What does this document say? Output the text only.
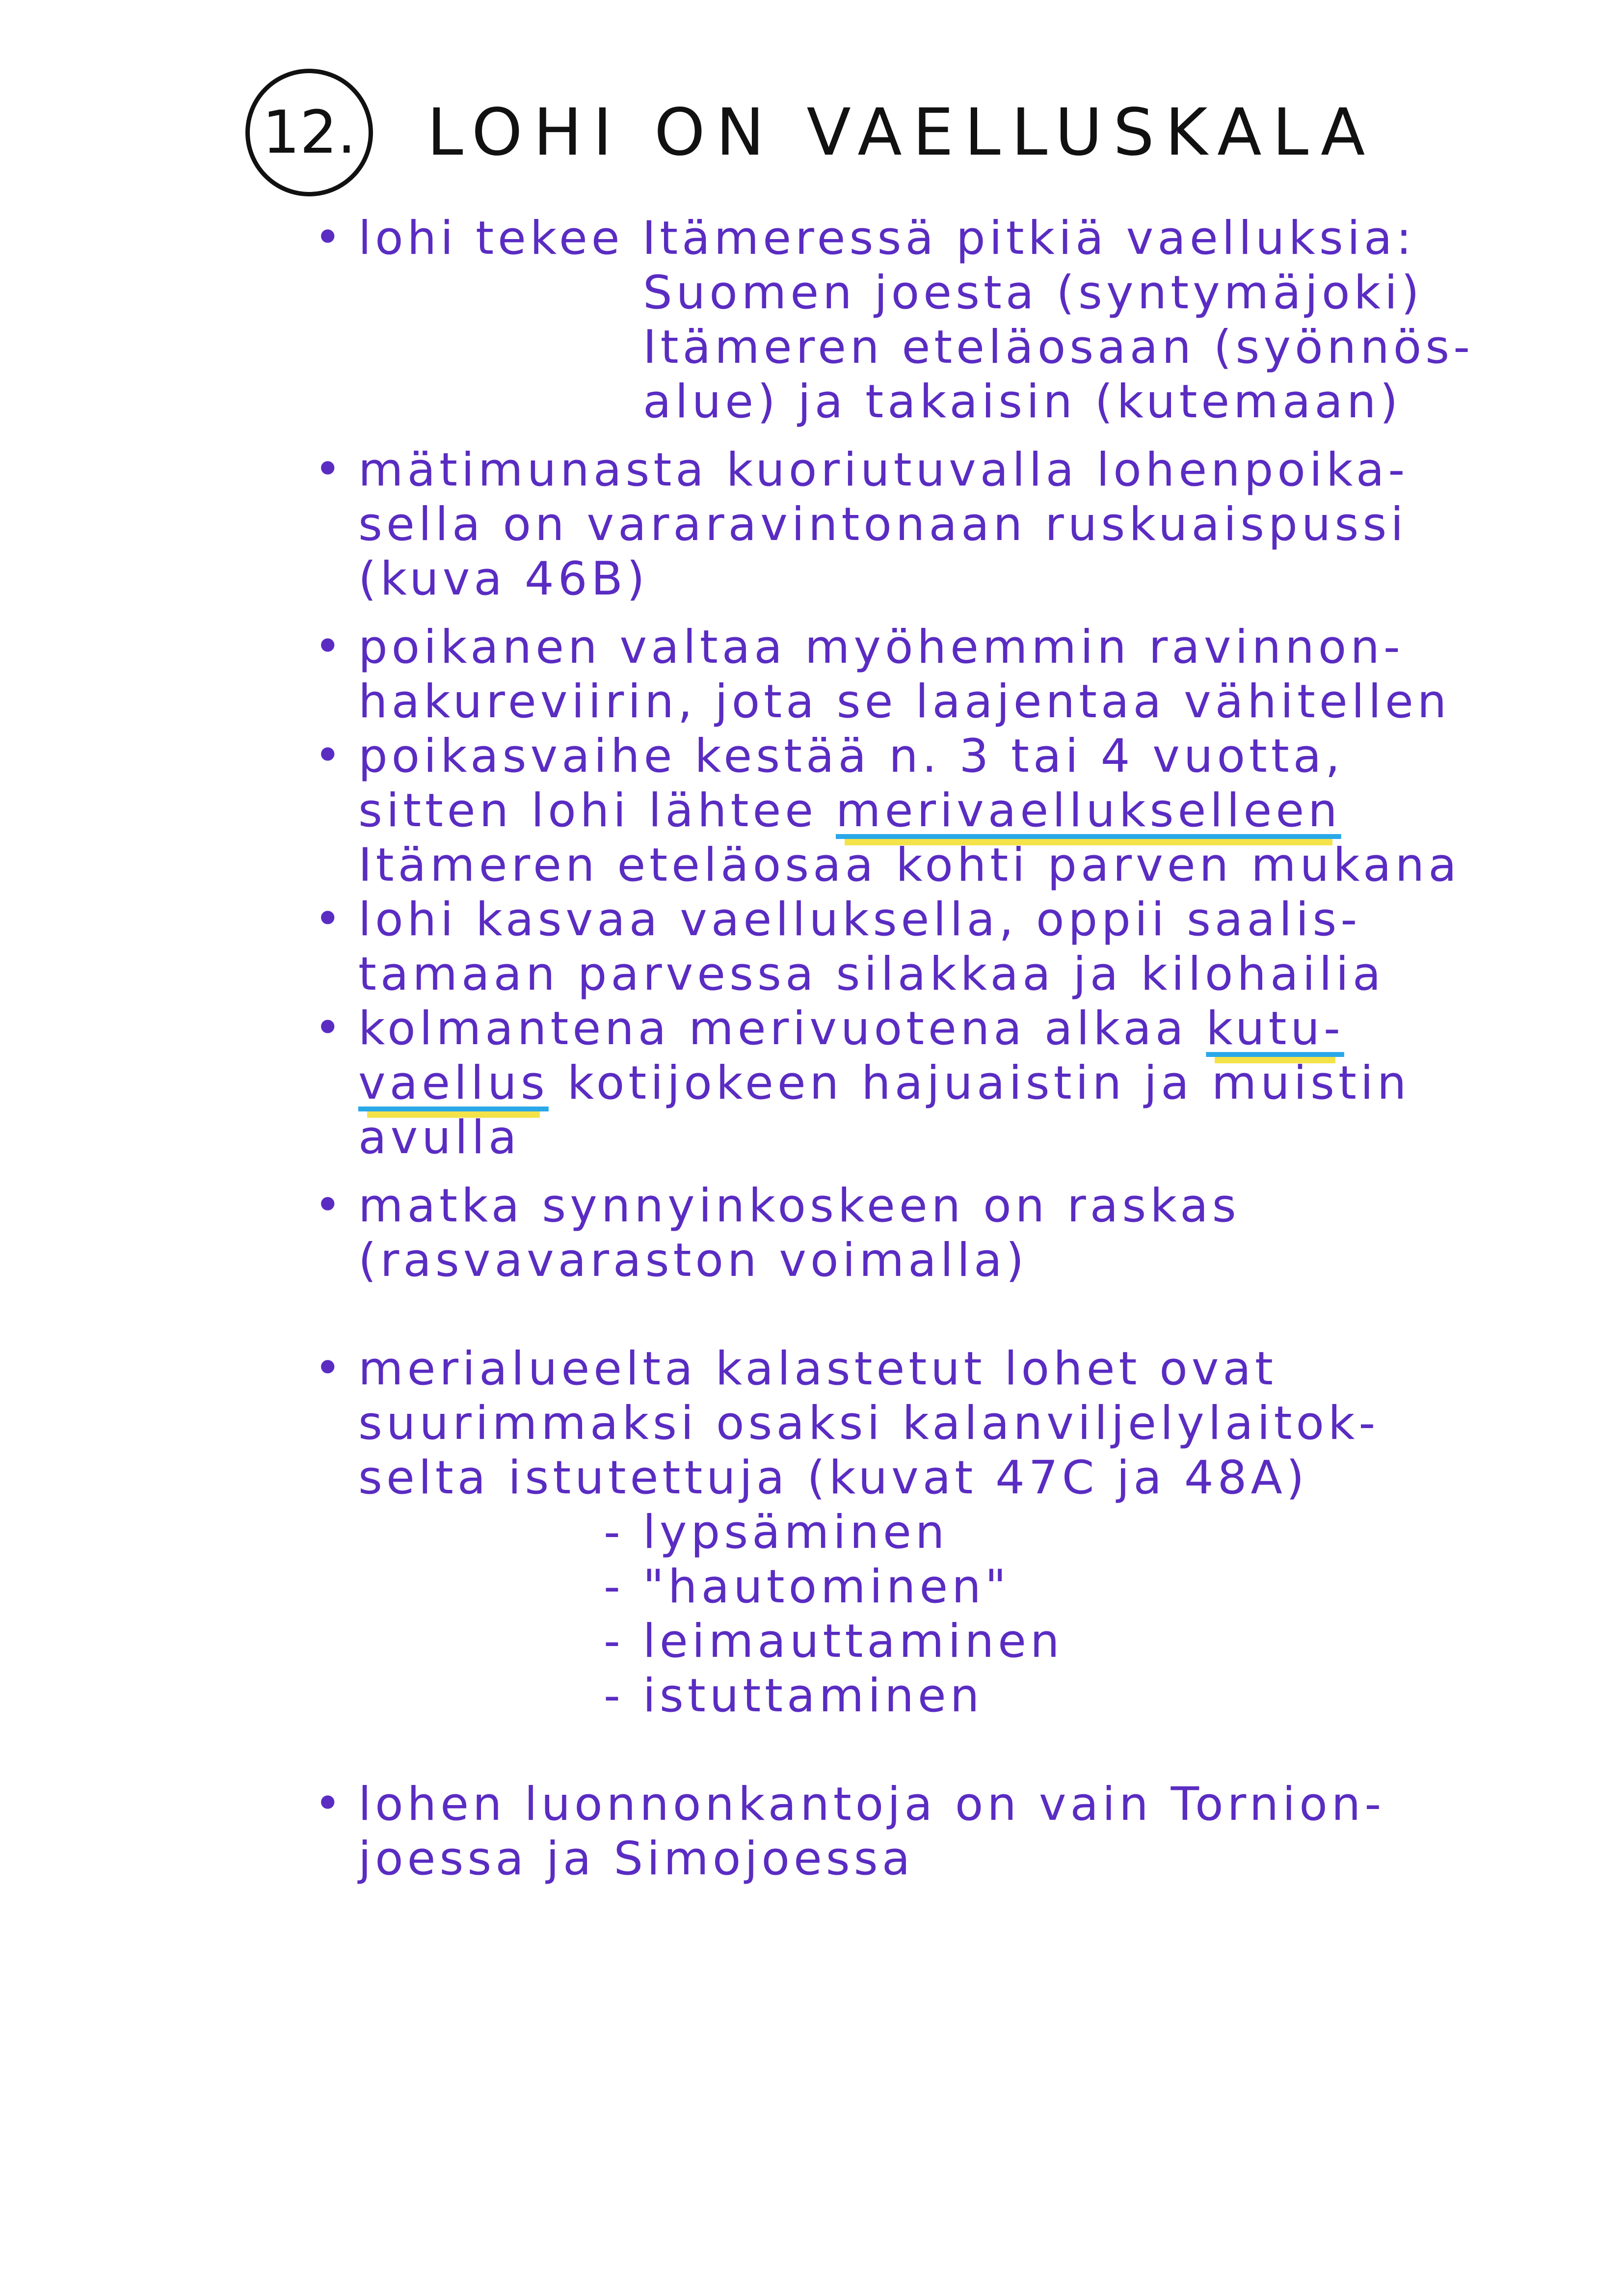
12. LOHI ON VAELLUSKALA
• lohi tekee Itämeressä pitkiä vaelluksia:
Suomen joesta (syntymäjoki)
Itämeren eteläosaan (syönnös-
alue) ja takaisin (kutemaan)
• mätimunasta kuoriutuvalla lohenpoika-
sella on vararavintonaan ruskuaispussi
(kuva 46B)
• poikanen valtaa myöhemmin ravinnon-
hakureviirin, jota se laajentaa vähitellen
• poikasvaihe kestää n. 3 tai 4 vuotta,
sitten lohi lähtee merivaellukselleen
Itämeren eteläosaa kohti parven mukana
• lohi kasvaa vaelluksella, oppii saalis-
tamaan parvessa silakkaa ja kilohailia
• kolmantena merivuotena alkaa kutu-
vaellus kotijokeen hajuaistin ja muistin
avulla
• matka synnyinkoskeen on raskas
(rasvavaraston voimalla)
• merialueelta kalastetut lohet ovat
suurimmaksi osaksi kalanviljelylaitok-
selta istutettuja (kuvat 47C ja 48A)
- lypsäminen
- "hautominen"
- leimauttaminen
- istuttaminen
• lohen luonnonkantoja on vain Tornion-
joessa ja Simojoessa
